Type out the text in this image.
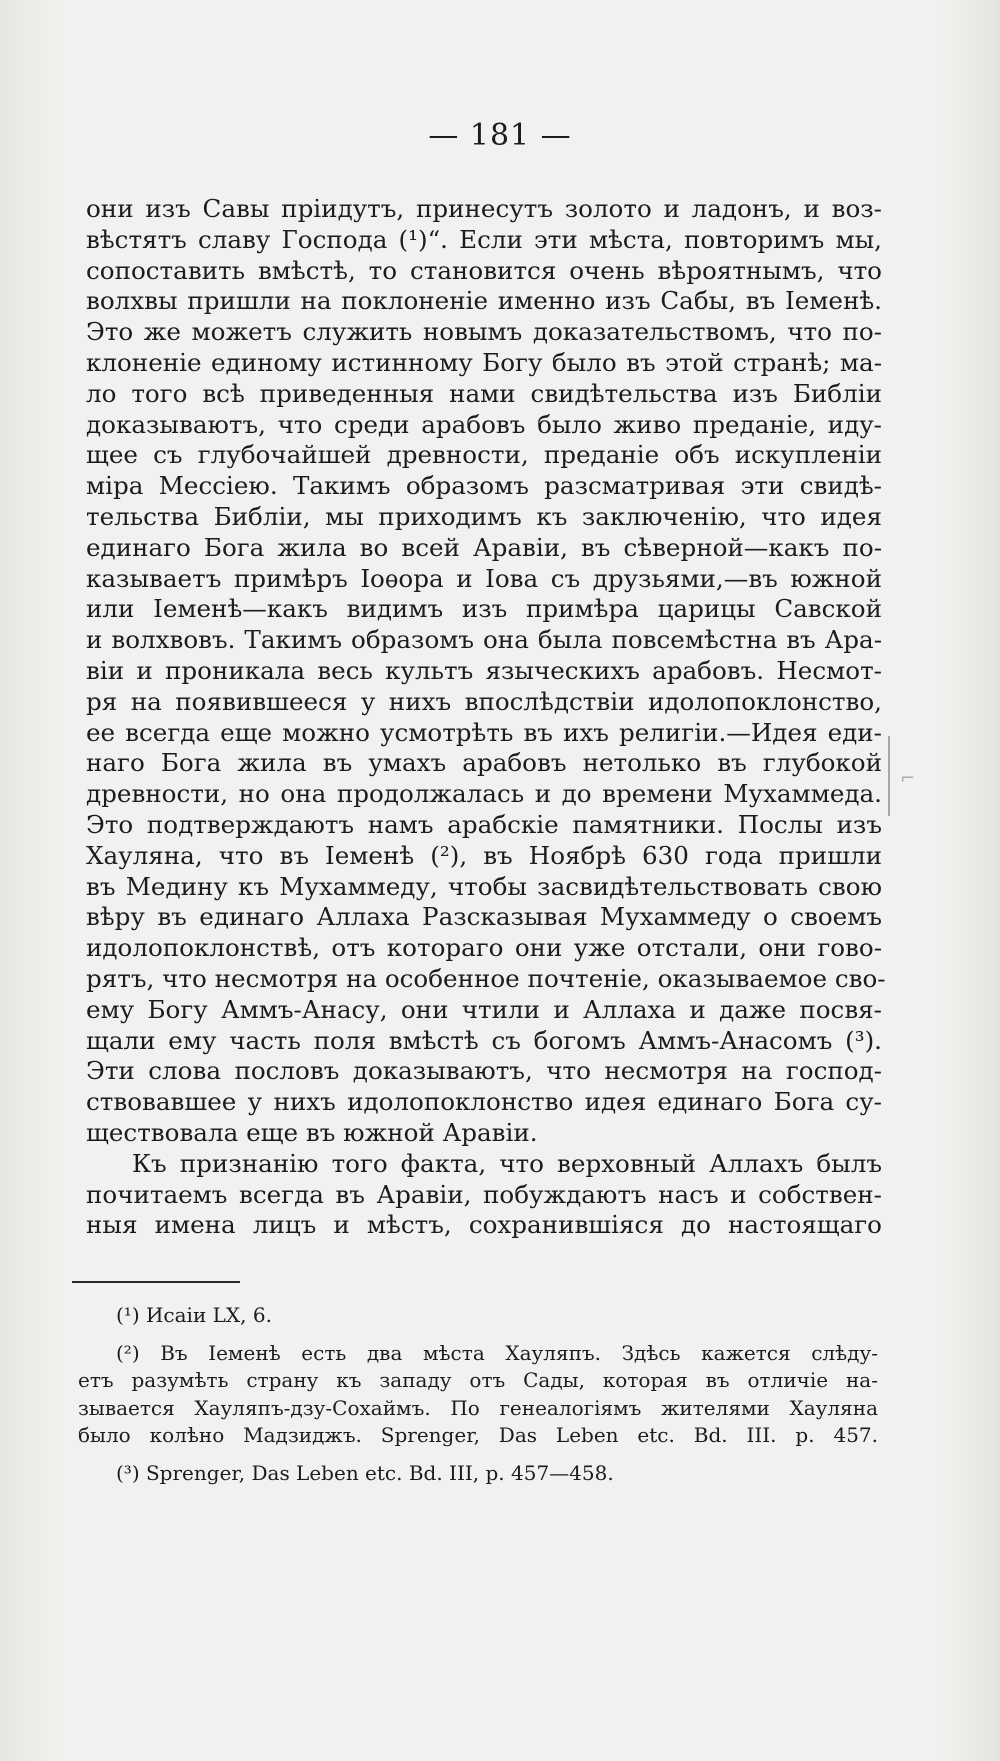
— 181 —
они изъ Савы пріидутъ, принесутъ золото и ладонъ, и воз-
вѣстятъ славу Господа (¹)“. Если эти мѣста, повторимъ мы,
сопоставить вмѣстѣ, то становится очень вѣроятнымъ, что
волхвы пришли на поклоненіе именно изъ Сабы, въ Іеменѣ.
Это же можетъ служить новымъ доказательствомъ, что по-
клоненіе единому истинному Богу было въ этой странѣ; ма-
ло того всѣ приведенныя нами свидѣтельства изъ Библіи
доказываютъ, что среди арабовъ было живо преданіе, иду-
щее съ глубочайшей древности, преданіе объ искупленіи
міра Мессіею. Такимъ образомъ разсматривая эти свидѣ-
тельства Библіи, мы приходимъ къ заключенію, что идея
единаго Бога жила во всей Аравіи, въ сѣверной—какъ по-
казываетъ примѣръ Іоѳора и Іова съ друзьями,—въ южной
или Іеменѣ—какъ видимъ изъ примѣра царицы Савской
и волхвовъ. Такимъ образомъ она была повсемѣстна въ Ара-
віи и проникала весь культъ языческихъ арабовъ. Несмот-
ря на появившееся у нихъ впослѣдствіи идолопоклонство,
ее всегда еще можно усмотрѣть въ ихъ религіи.—Идея еди-
наго Бога жила въ умахъ арабовъ нетолько въ глубокой
древности, но она продолжалась и до времени Мухаммеда.
Это подтверждаютъ намъ арабскіе памятники. Послы изъ
Хауляна, что въ Іеменѣ (²), въ Ноябрѣ 630 года пришли
въ Медину къ Мухаммеду, чтобы засвидѣтельствовать свою
вѣру въ единаго Аллаха Разсказывая Мухаммеду о своемъ
идолопоклонствѣ, отъ котораго они уже отстали, они гово-
рятъ, что несмотря на особенное почтеніе, оказываемое сво-
ему Богу Аммъ-Анасу, они чтили и Аллаха и даже посвя-
щали ему часть поля вмѣстѣ съ богомъ Аммъ-Анасомъ (³).
Эти слова пословъ доказываютъ, что несмотря на господ-
ствовавшее у нихъ идолопоклонство идея единаго Бога су-
ществовала еще въ южной Аравіи.
Къ признанію того факта, что верховный Аллахъ былъ
почитаемъ всегда въ Аравіи, побуждаютъ насъ и собствен-
ныя имена лицъ и мѣстъ, сохранившіяся до настоящаго
⌐
(¹) Исаіи LX, 6.
(²) Въ Іеменѣ есть два мѣста Хауляпъ. Здѣсь кажется слѣду-
етъ разумѣть страну къ западу отъ Сады, которая въ отличіе на-
зывается Хауляпъ-дзу-Сохаймъ. По генеалогіямъ жителями Хауляна
было колѣно Мадзиджъ. Sprenger, Das Leben etc. Bd. III. p. 457.
(³) Sprenger, Das Leben etc. Bd. III, p. 457—458.
